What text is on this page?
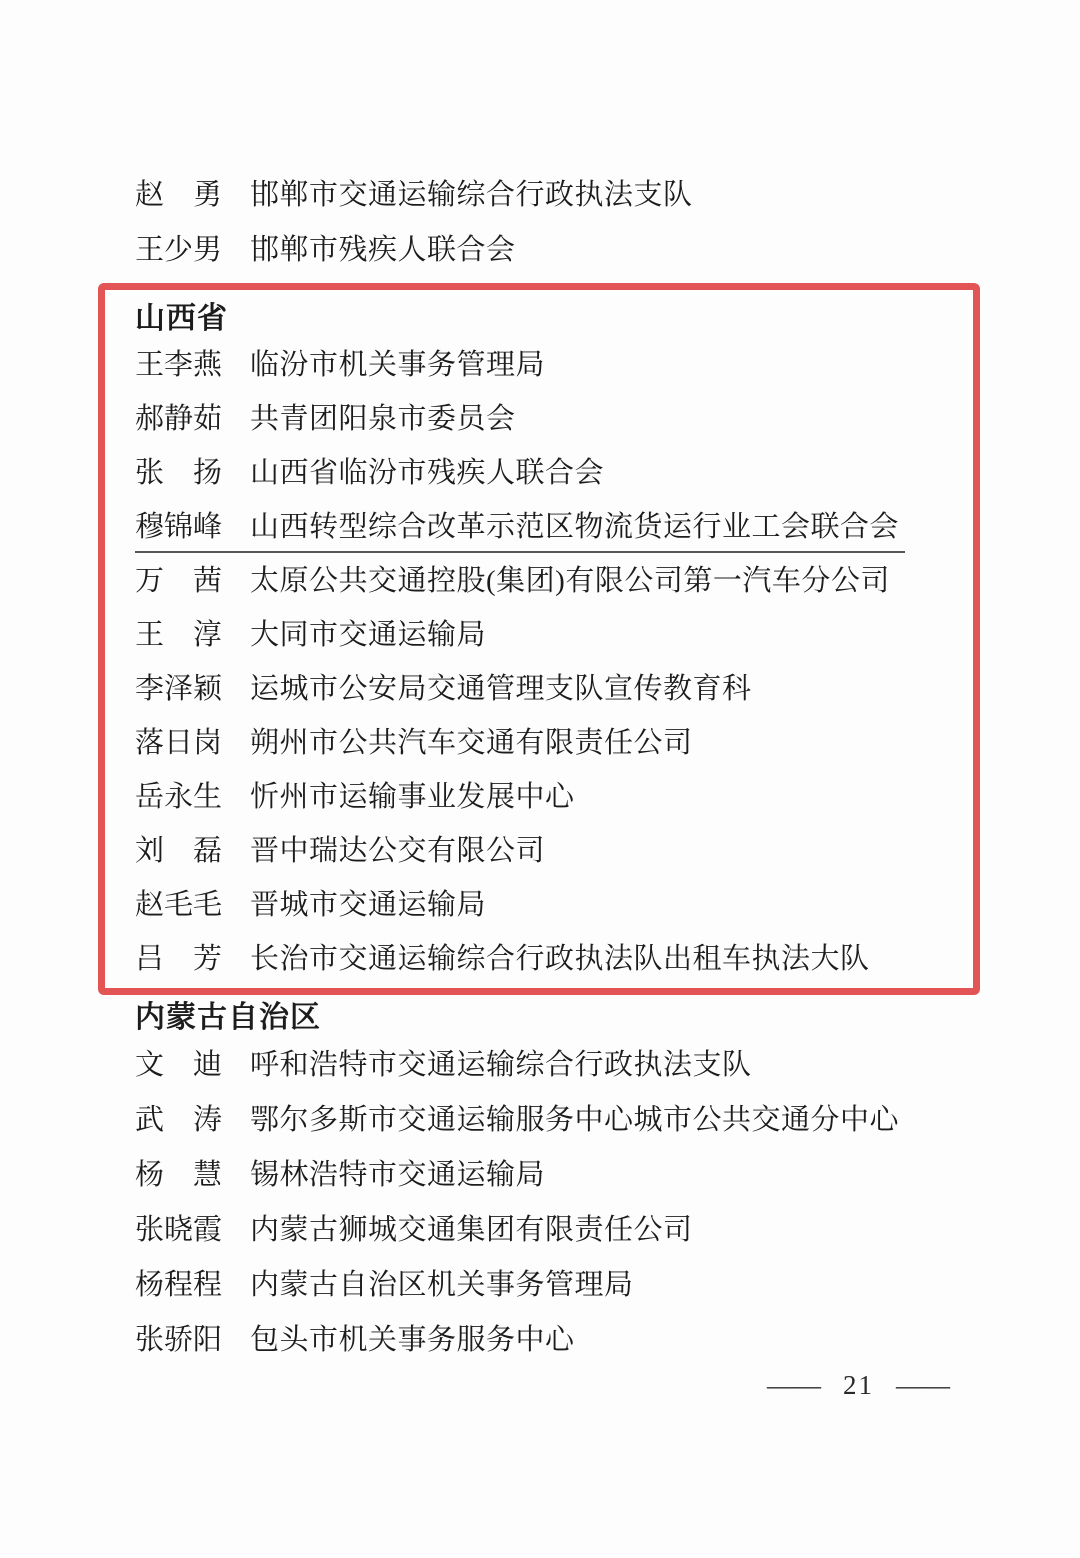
赵　勇 邯郸市交通运输综合行政执法支队
王少男 邯郸市残疾人联合会
山西省
王李燕 临汾市机关事务管理局
郝静茹 共青团阳泉市委员会
张　扬 山西省临汾市残疾人联合会
穆锦峰 山西转型综合改革示范区物流货运行业工会联合会
万　茜 太原公共交通控股(集团)有限公司第一汽车分公司
王　淳 大同市交通运输局
李泽颖 运城市公安局交通管理支队宣传教育科
落日岗 朔州市公共汽车交通有限责任公司
岳永生 忻州市运输事业发展中心
刘　磊 晋中瑞达公交有限公司
赵毛毛 晋城市交通运输局
吕　芳 长治市交通运输综合行政执法队出租车执法大队
内蒙古自治区
文　迪 呼和浩特市交通运输综合行政执法支队
武　涛 鄂尔多斯市交通运输服务中心城市公共交通分中心
杨　慧 锡林浩特市交通运输局
张晓霞 内蒙古狮城交通集团有限责任公司
杨程程 内蒙古自治区机关事务管理局
张骄阳 包头市机关事务服务中心
—— 21 ——
